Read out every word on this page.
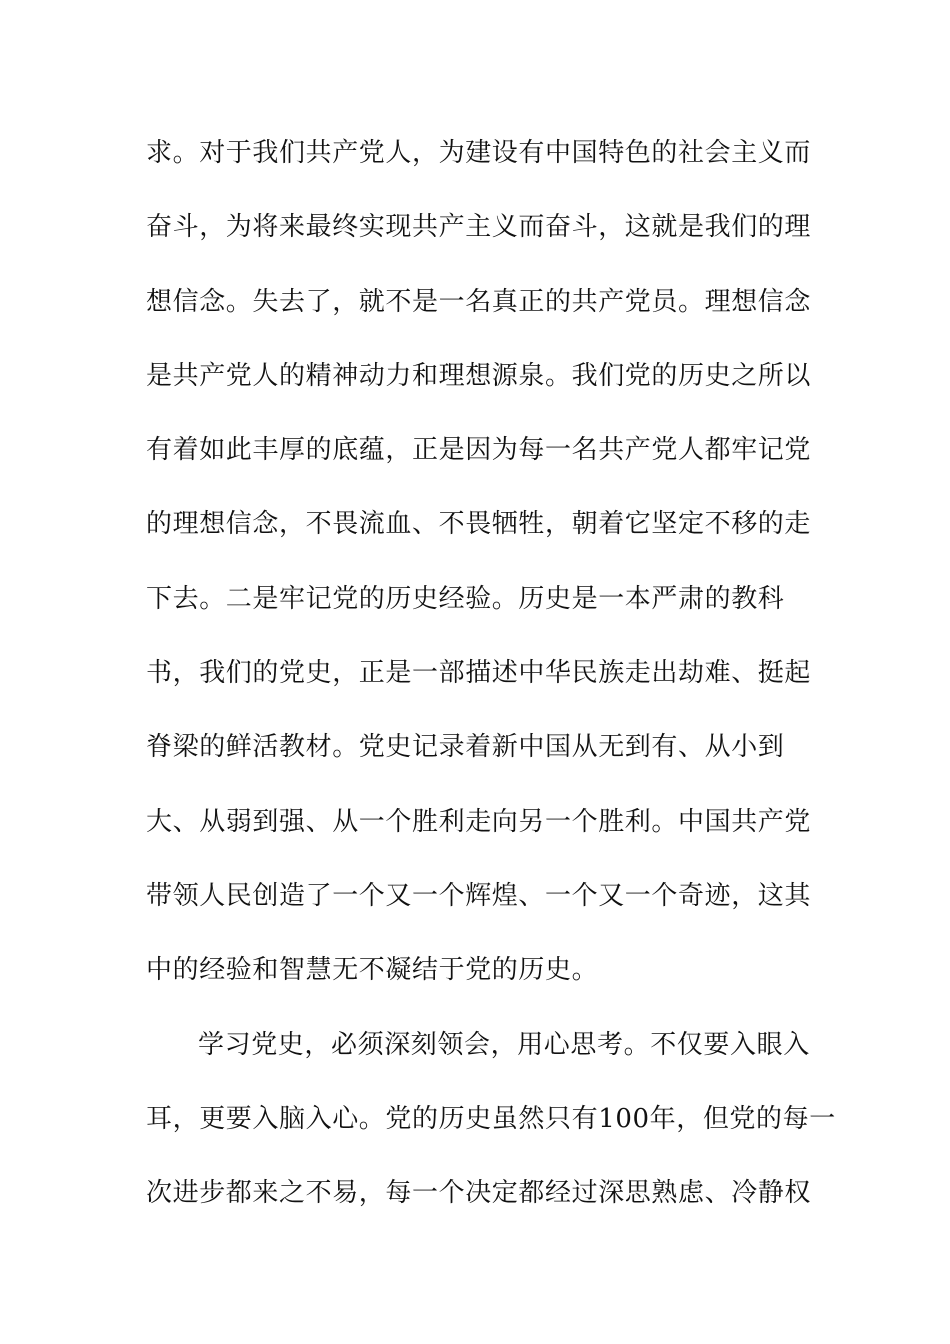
求。对于我们共产党人，为建设有中国特色的社会主义而
奋斗，为将来最终实现共产主义而奋斗，这就是我们的理
想信念。失去了，就不是一名真正的共产党员。理想信念
是共产党人的精神动力和理想源泉。我们党的历史之所以
有着如此丰厚的底蕴，正是因为每一名共产党人都牢记党
的理想信念，不畏流血、不畏牺牲，朝着它坚定不移的走
下去。二是牢记党的历史经验。历史是一本严肃的教科
书，我们的党史，正是一部描述中华民族走出劫难、挺起
脊梁的鲜活教材。党史记录着新中国从无到有、从小到
大、从弱到强、从一个胜利走向另一个胜利。中国共产党
带领人民创造了一个又一个辉煌、一个又一个奇迹，这其
中的经验和智慧无不凝结于党的历史。
学习党史，必须深刻领会，用心思考。不仅要入眼入
耳，更要入脑入心。党的历史虽然只有100年，但党的每一
次进步都来之不易，每一个决定都经过深思熟虑、冷静权
